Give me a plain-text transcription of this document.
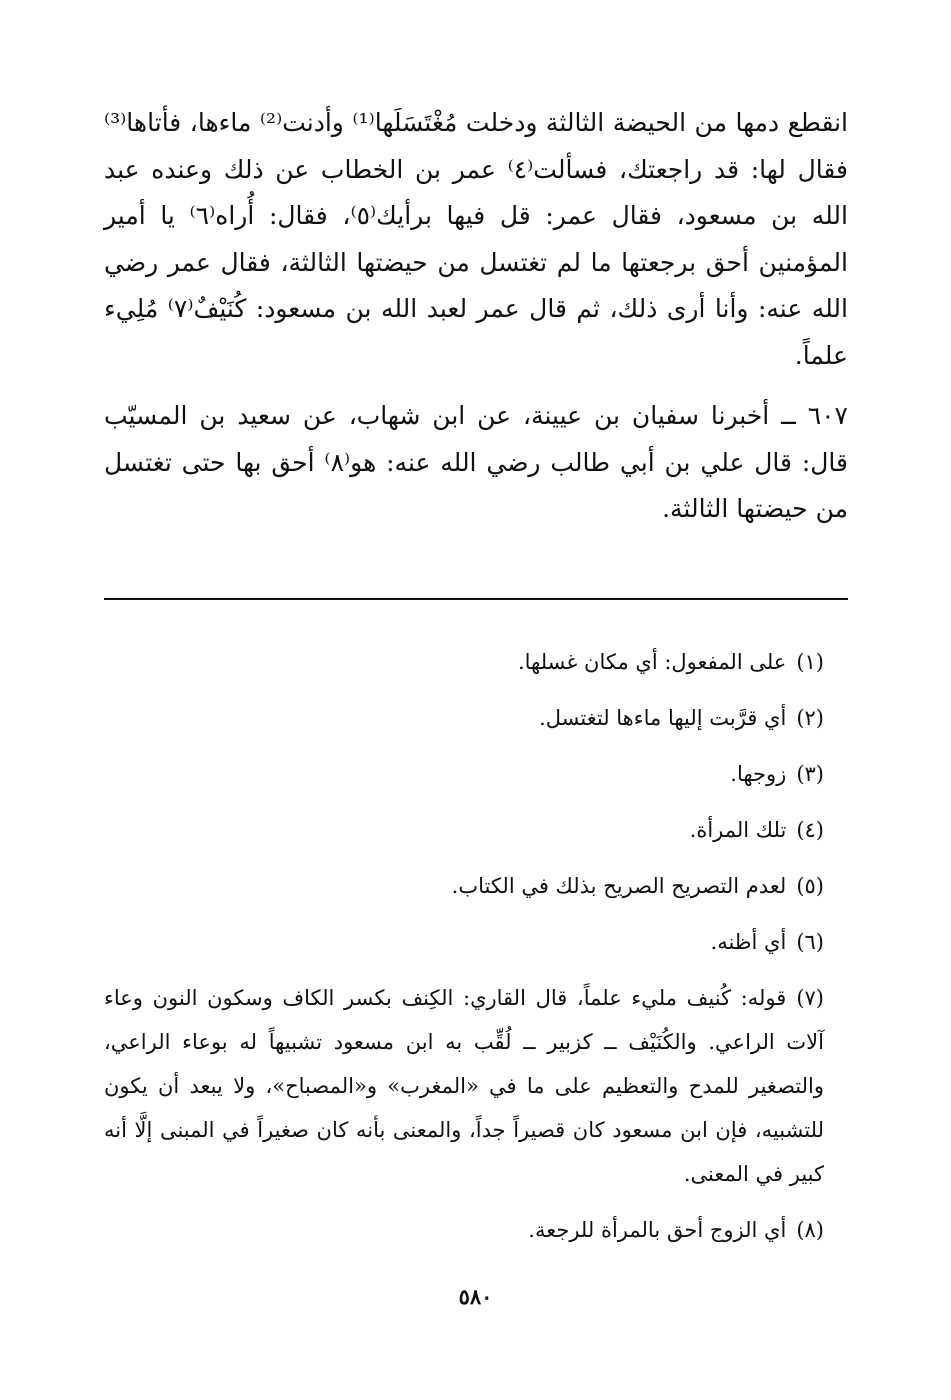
انقطع دمها من الحيضة الثالثة ودخلت مُغْتَسَلَها⁽¹⁾ وأدنت⁽²⁾ ماءها، فأتاها⁽³⁾ فقال لها: قد راجعتك، فسألت⁽٤⁾ عمر بن الخطاب عن ذلك وعنده عبد الله بن مسعود، فقال عمر: قل فيها برأيك⁽٥⁾، فقال: أُراه⁽٦⁾ يا أمير المؤمنين أحق برجعتها ما لم تغتسل من حيضتها الثالثة، فقال عمر رضي الله عنه: وأنا أرى ذلك، ثم قال عمر لعبد الله بن مسعود: كُنَيْفٌ⁽٧⁾ مُلِيء علماً.

٦٠٧ ــ أخبرنا سفيان بن عيينة، عن ابن شهاب، عن سعيد بن المسيّب قال: قال علي بن أبي طالب رضي الله عنه: هو⁽٨⁾ أحق بها حتى تغتسل من حيضتها الثالثة.

(١)على المفعول: أي مكان غسلها.

(٢)أي قرَّبت إليها ماءها لتغتسل.

(٣)زوجها.

(٤)تلك المرأة.

(٥)لعدم التصريح الصريح بذلك في الكتاب.

(٦)أي أظنه.

(٧)قوله: كُنيف مليء علماً، قال القاري: الكِنف بكسر الكاف وسكون النون وعاء آلات الراعي. والكُنَيْف ــ كزبير ــ لُقِّب به ابن مسعود تشبيهاً له بوعاء الراعي، والتصغير للمدح والتعظيم على ما في «المغرب» و«المصباح»، ولا يبعد أن يكون للتشبيه، فإن ابن مسعود كان قصيراً جداً، والمعنى بأنه كان صغيراً في المبنى إلَّا أنه كبير في المعنى.

(٨)أي الزوج أحق بالمرأة للرجعة.

٥٨٠
